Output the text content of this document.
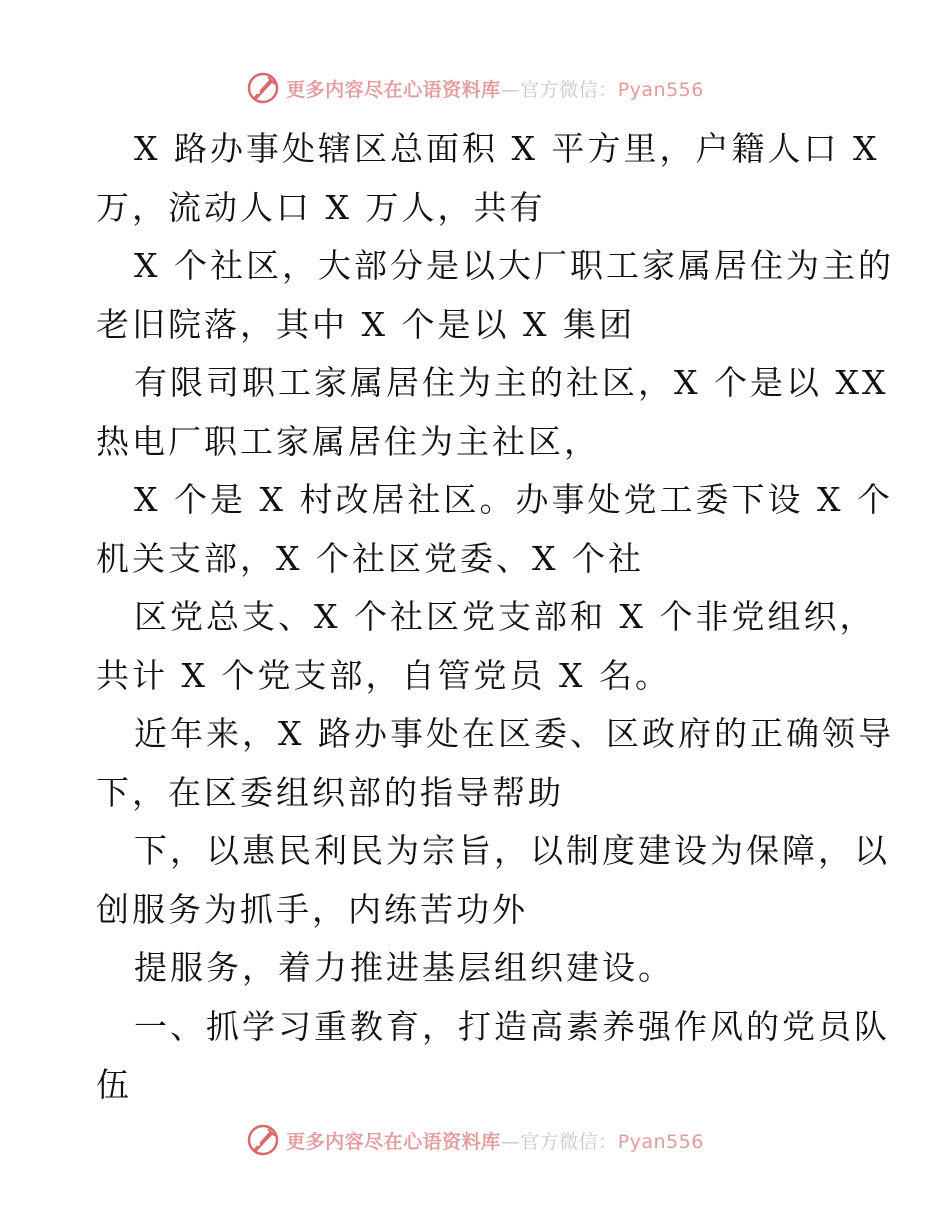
更多内容尽在心语资料库—官方微信：Pyan556
X 路办事处辖区总面积 X 平方里，户籍人口 X
万，流动人口 X 万人，共有
X 个社区，大部分是以大厂职工家属居住为主的
老旧院落，其中 X 个是以 X 集团
有限司职工家属居住为主的社区，X 个是以 XX
热电厂职工家属居住为主社区，
X 个是 X 村改居社区。办事处党工委下设 X 个
机关支部，X 个社区党委、X 个社
区党总支、X 个社区党支部和 X 个非党组织，
共计 X 个党支部，自管党员 X 名。
近年来，X 路办事处在区委、区政府的正确领导
下，在区委组织部的指导帮助
下，以惠民利民为宗旨，以制度建设为保障，以
创服务为抓手，内练苦功外
提服务，着力推进基层组织建设。
一、抓学习重教育，打造高素养强作风的党员队
伍
更多内容尽在心语资料库—官方微信：Pyan556
